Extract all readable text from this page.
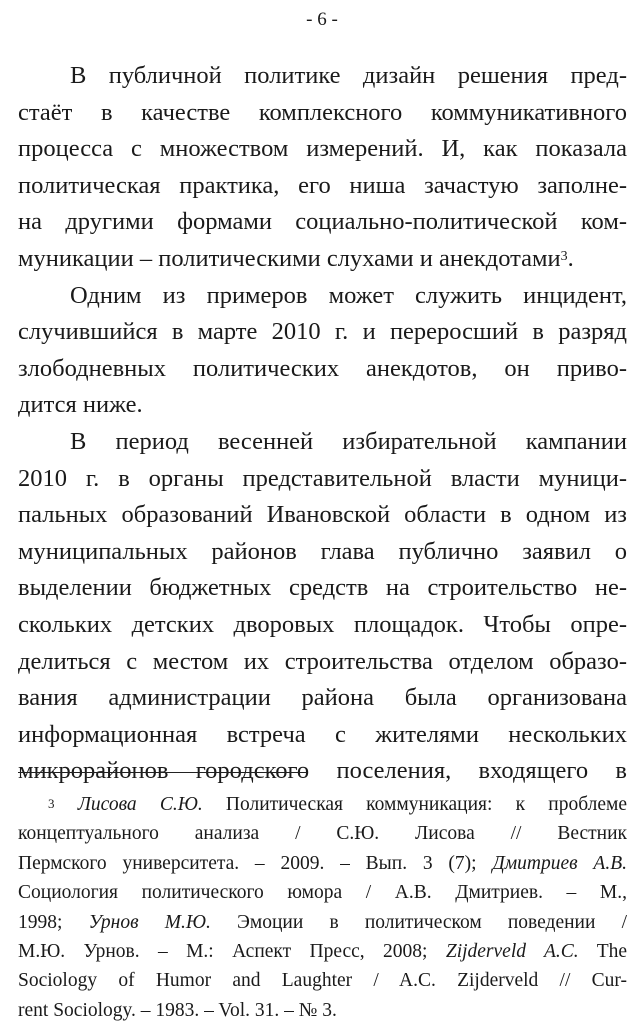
- 6 -
В публичной политике дизайн решения пред-
стаёт в качестве комплексного коммуникативного
процесса с множеством измерений. И, как показала
политическая практика, его ниша зачастую заполне-
на другими формами социально-политической ком-
муникации – политическими слухами и анекдотами$^3$.
Одним из примеров может служить инцидент,
случившийся в марте 2010 г. и переросший в разряд
злободневных политических анекдотов, он приво-
дится ниже.
В период весенней избирательной кампании
2010 г. в органы представительной власти муници-
пальных образований Ивановской области в одном из
муниципальных районов глава публично заявил о
выделении бюджетных средств на строительство не-
скольких детских дворовых площадок. Чтобы опре-
делиться с местом их строительства отделом образо-
вания администрации района была организована
информационная встреча с жителями нескольких
микрорайонов городского поселения, входящего в
$^3$ Лисова С.Ю. Политическая коммуникация: к проблеме
концептуального анализа / С.Ю. Лисова // Вестник
Пермского университета. – 2009. – Вып. 3 (7); Дмитриев А.В.
Социология политического юмора / А.В. Дмитриев. – М.,
1998; Урнов М.Ю. Эмоции в политическом поведении /
М.Ю. Урнов. – М.: Аспект Пресс, 2008; Zijderveld A.C. The
Sociology of Humor and Laughter / A.C. Zijderveld // Cur-
rent Sociology. – 1983. – Vol. 31. – № 3.
